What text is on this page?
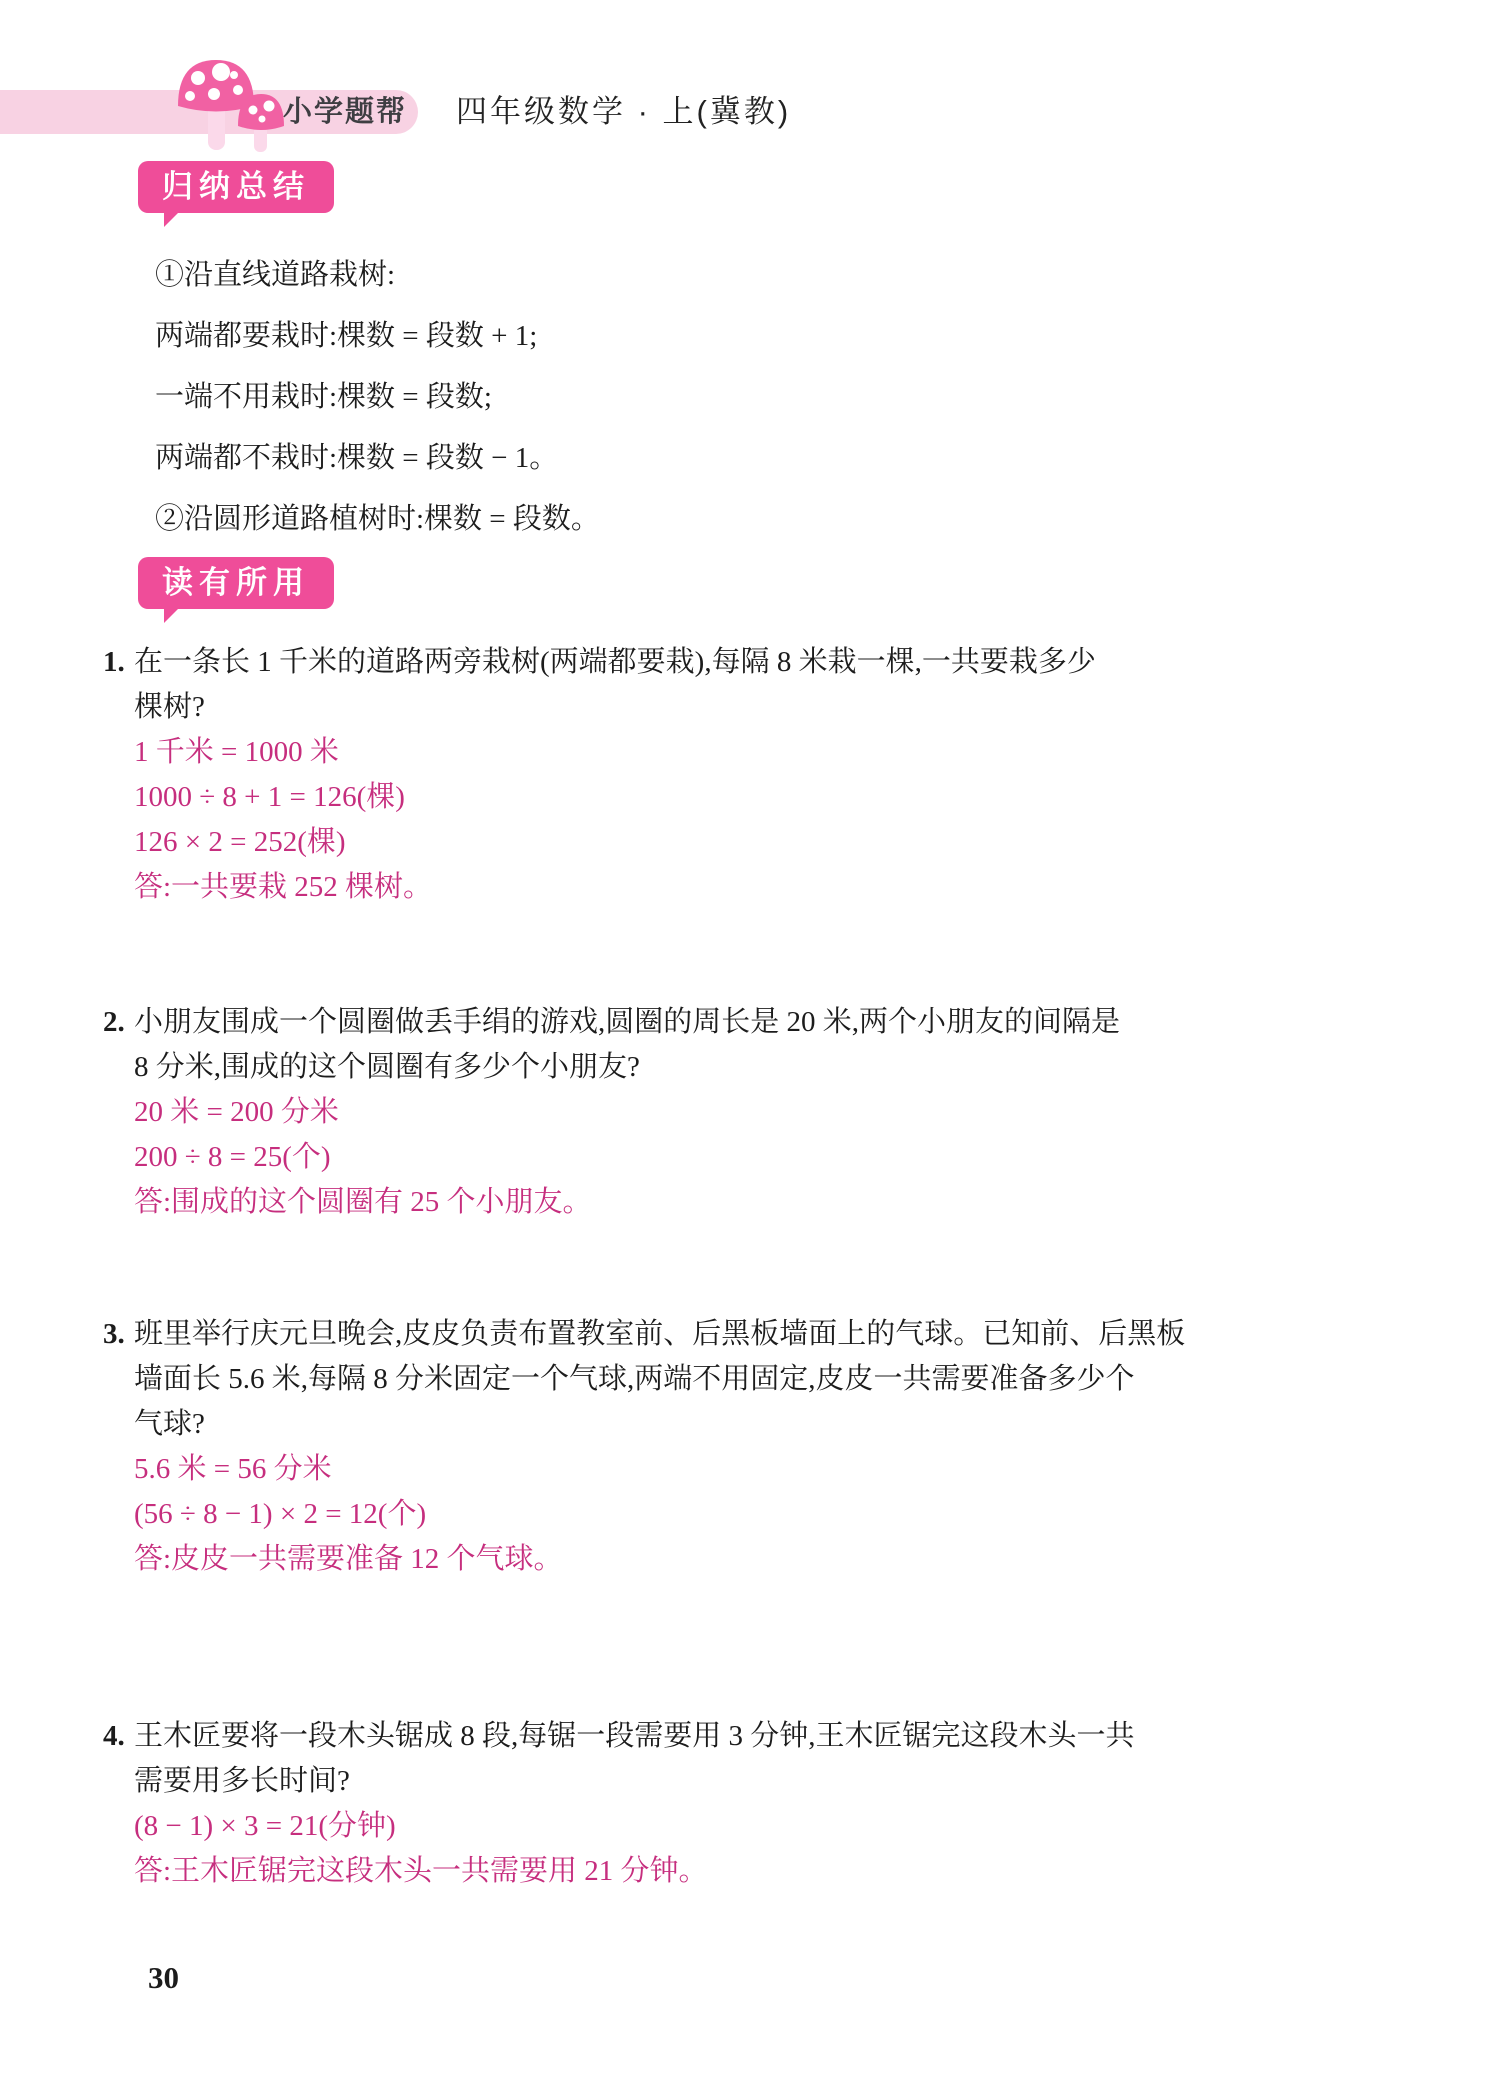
小学题帮 四年级数学 · 上(冀教)
归纳总结
①沿直线道路栽树:
两端都要栽时:棵数 = 段数 + 1;
一端不用栽时:棵数 = 段数;
两端都不栽时:棵数 = 段数 − 1。
②沿圆形道路植树时:棵数 = 段数。
读有所用
1. 在一条长 1 千米的道路两旁栽树(两端都要栽),每隔 8 米栽一棵,一共要栽多少
棵树?
1 千米 = 1000 米
1000 ÷ 8 + 1 = 126(棵)
126 × 2 = 252(棵)
答:一共要栽 252 棵树。
2. 小朋友围成一个圆圈做丢手绢的游戏,圆圈的周长是 20 米,两个小朋友的间隔是
8 分米,围成的这个圆圈有多少个小朋友?
20 米 = 200 分米
200 ÷ 8 = 25(个)
答:围成的这个圆圈有 25 个小朋友。
3. 班里举行庆元旦晚会,皮皮负责布置教室前、后黑板墙面上的气球。已知前、后黑板
墙面长 5.6 米,每隔 8 分米固定一个气球,两端不用固定,皮皮一共需要准备多少个
气球?
5.6 米 = 56 分米
(56 ÷ 8 − 1) × 2 = 12(个)
答:皮皮一共需要准备 12 个气球。
4. 王木匠要将一段木头锯成 8 段,每锯一段需要用 3 分钟,王木匠锯完这段木头一共
需要用多长时间?
(8 − 1) × 3 = 21(分钟)
答:王木匠锯完这段木头一共需要用 21 分钟。
30
